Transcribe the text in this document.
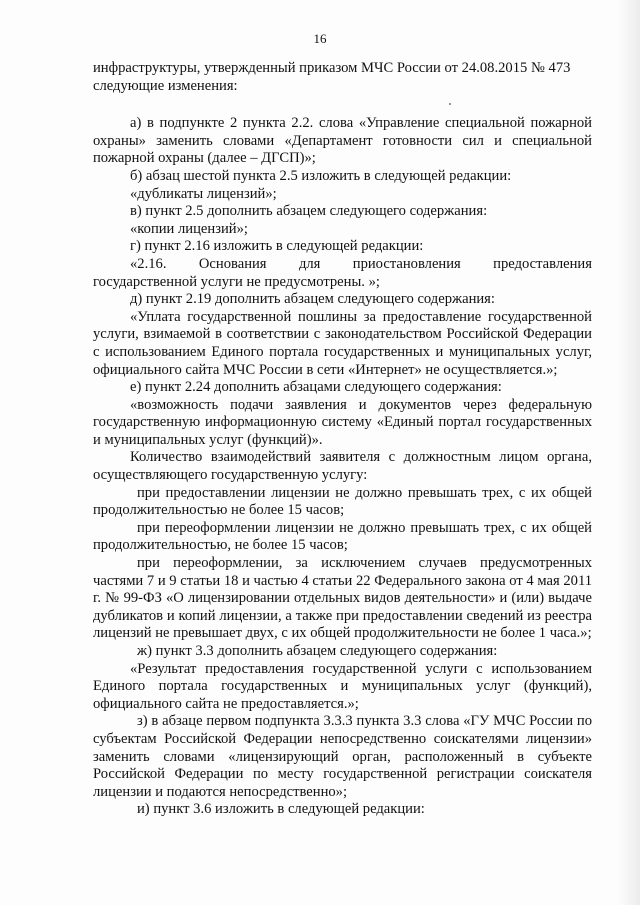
16

инфраструктуры, утвержденный приказом МЧС России от 24.08.2015 № 473

следующие изменения:

а) в подпункте 2 пункта 2.2. слова «Управление специальной пожарной охраны» заменить словами «Департамент готовности сил и специальной пожарной охраны (далее – ДГСП)»;

б) абзац шестой пункта 2.5 изложить в следующей редакции:

«дубликаты лицензий»;

в) пункт 2.5 дополнить абзацем следующего содержания:

«копии лицензий»;

г) пункт 2.16 изложить в следующей редакции:

«2.16. Основания для приостановления предоставления

государственной услуги не предусмотрены. »;

д) пункт 2.19 дополнить абзацем следующего содержания:

«Уплата государственной пошлины за предоставление государственной услуги, взимаемой в соответствии с законодательством Российской Федерации с использованием Единого портала государственных и муниципальных услуг, официального сайта МЧС России в сети «Интернет» не осуществляется.»;

е) пункт 2.24 дополнить абзацами следующего содержания:

«возможность подачи заявления и документов через федеральную государственную информационную систему «Единый портал государственных и муниципальных услуг (функций)».

Количество взаимодействий заявителя с должностным лицом органа, осуществляющего государственную услугу:

при предоставлении лицензии не должно превышать трех, с их общей продолжительностью не более 15 часов;

при переоформлении лицензии не должно превышать трех, с их общей продолжительностью, не более 15 часов;

при переоформлении, за исключением случаев предусмотренных частями 7 и 9 статьи 18 и частью 4 статьи 22 Федерального закона от 4 мая 2011 г. № 99-ФЗ «О лицензировании отдельных видов деятельности» и (или) выдаче дубликатов и копий лицензии, а также при предоставлении сведений из реестра лицензий не превышает двух, с их общей продолжительности не более 1 часа.»;

ж) пункт 3.3 дополнить абзацем следующего содержания:

«Результат предоставления государственной услуги с использованием Единого портала государственных и муниципальных услуг (функций), официального сайта не предоставляется.»;

з) в абзаце первом подпункта 3.3.3 пункта 3.3 слова «ГУ МЧС России по субъектам Российской Федерации непосредственно соискателями лицензии» заменить словами «лицензирующий орган, расположенный в субъекте Российской Федерации по месту государственной регистрации соискателя лицензии и подаются непосредственно»;

и) пункт 3.6 изложить в следующей редакции:
